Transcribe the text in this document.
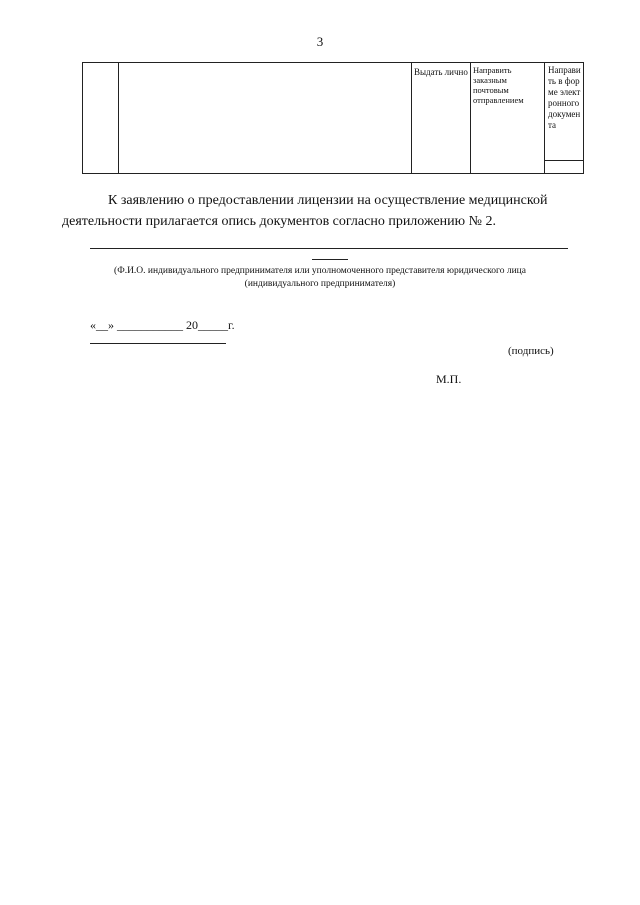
3
Выдать лично Направить заказным почтовым отправлением
Направить в форме электронного документа
К заявлению о предоставлении лицензии на осуществление медицинской деятельности прилагается опись документов согласно приложению № 2.
(Ф.И.О. индивидуального предпринимателя или уполномоченного представителя юридического лица
(индивидуального предпринимателя)
«__» ___________ 20_____г.
(подпись)
М.П.
